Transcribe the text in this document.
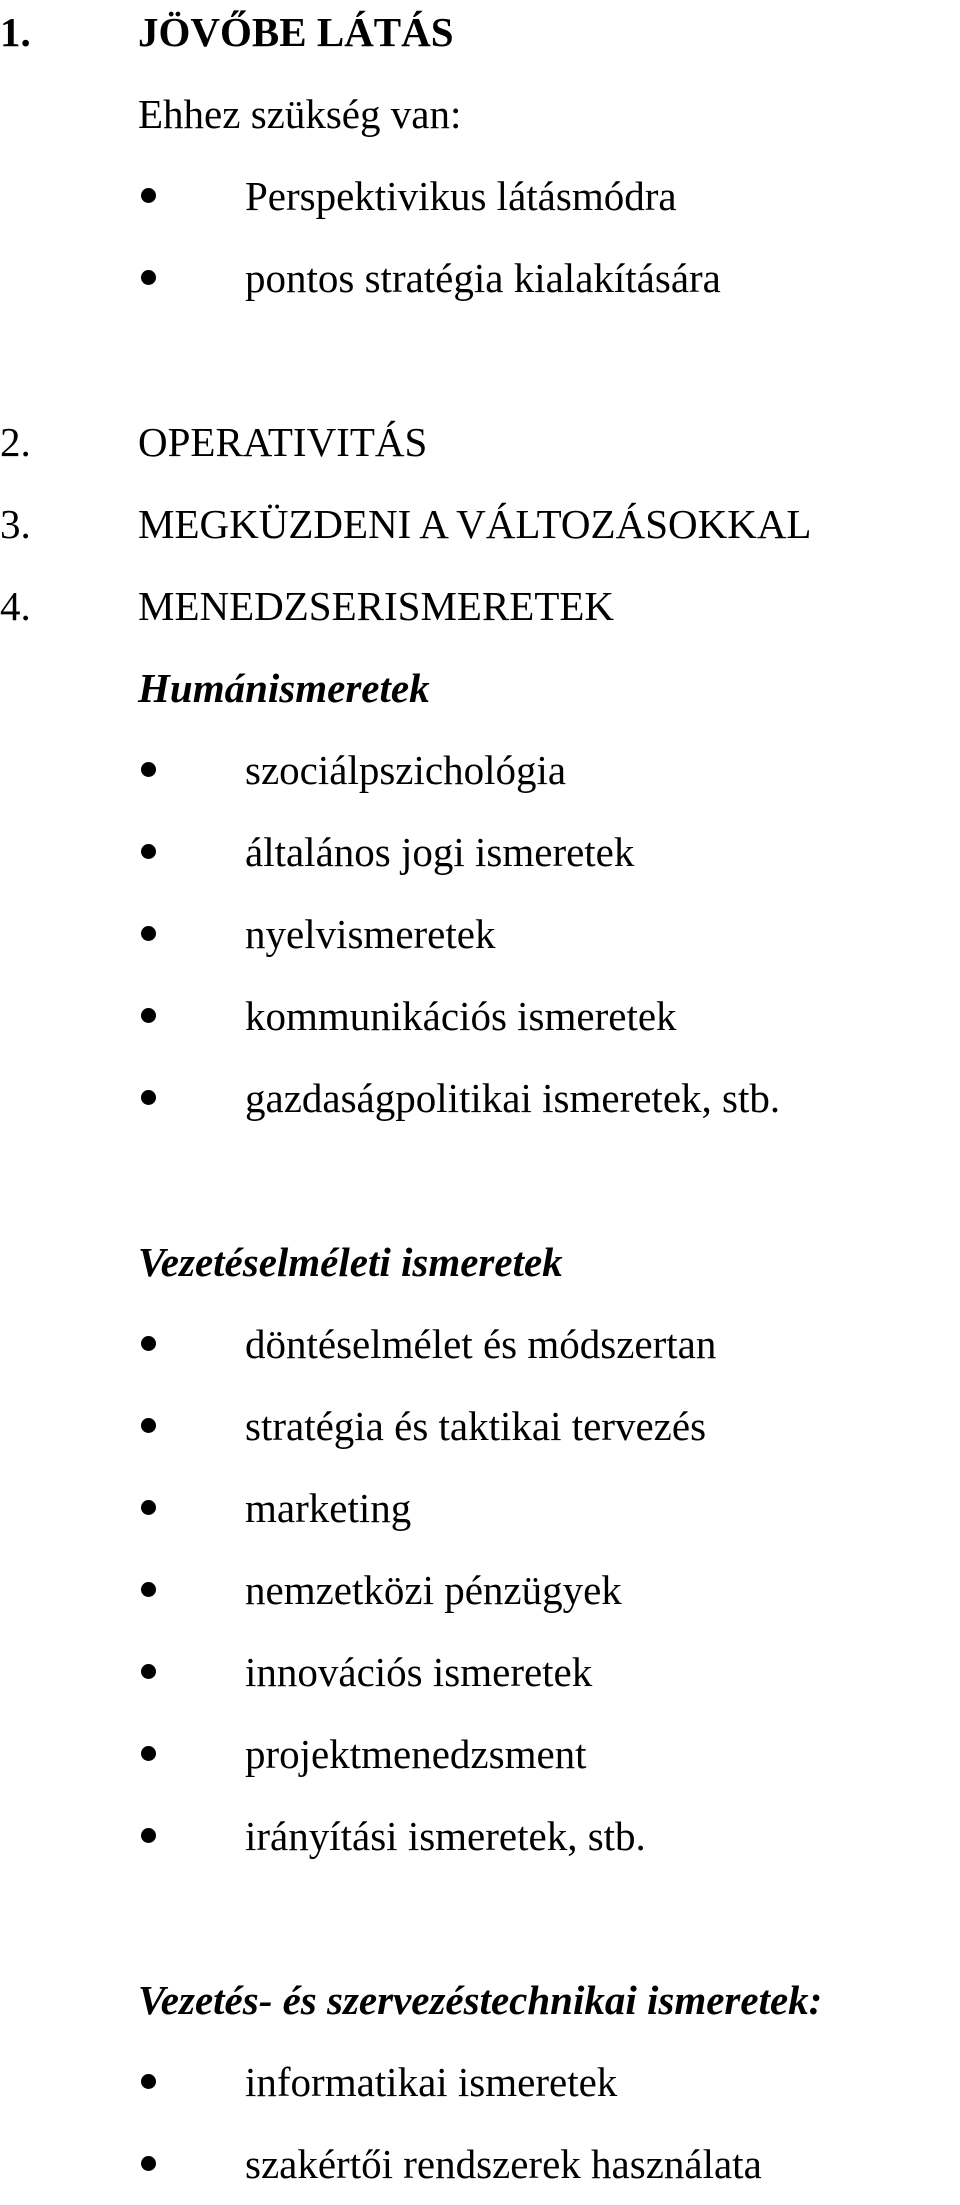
1.	JÖVŐBE LÁTÁS
Ehhez szükség van:
Perspektivikus látásmódra
pontos stratégia kialakítására
2.	OPERATIVITÁS
3.	MEGKÜZDENI A VÁLTOZÁSOKKAL
4.	MENEDZSERISMERETEK
Humánismeretek
szociálpszichológia
általános jogi ismeretek
nyelvismeretek
kommunikációs ismeretek
gazdaságpolitikai ismeretek, stb.
Vezetéselméleti ismeretek
döntéselmélet és módszertan
stratégia és taktikai tervezés
marketing
nemzetközi pénzügyek
innovációs ismeretek
projektmenedzsment
irányítási ismeretek, stb.
Vezetés- és szervezéstechnikai ismeretek:
informatikai ismeretek
szakértői rendszerek használata
